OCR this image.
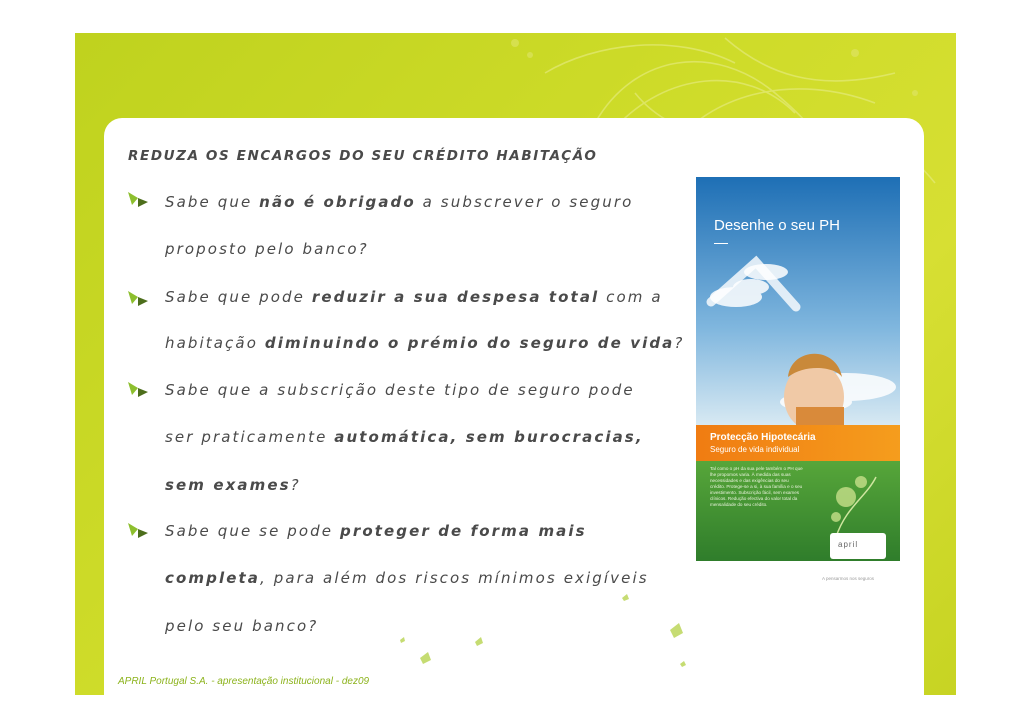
REDUZA OS ENCARGOS DO SEU CRÉDITO HABITAÇÃO
Sabe que não é obrigado a subscrever o seguro
proposto pelo banco?
Sabe que pode reduzir a sua despesa total com a
habitação diminuindo o prémio do seguro de vida?
Sabe que a subscrição deste tipo de seguro pode
ser praticamente automática, sem burocracias,
sem exames?
Sabe que se pode proteger de forma mais
completa, para além dos riscos mínimos exigíveis
pelo seu banco?
Desenhe o seu PH
Protecção Hipotecária
Seguro de vida individual
Tal como o pH da sua pele também o PH que lhe propomos varia. À medida das suas necessidades e das exigências do seu crédito. Protege-se a si, à sua família e o seu investimento. Subscrição fácil, sem exames clínicos. Redução efectiva do valor total da mensalidade do seu crédito.
april
A pensarmos nos seguros
APRIL Portugal S.A. - apresentação institucional - dez09
